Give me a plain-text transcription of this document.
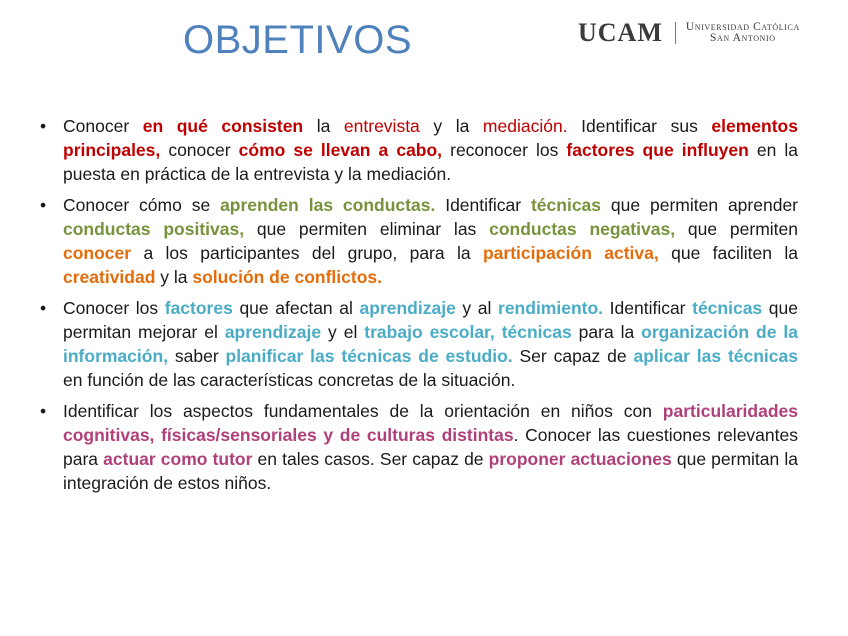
OBJETIVOS	UCAM Universidad Católica
San Antonio
• Conocer en qué consisten la entrevista y la mediación. Identificar sus elementos principales, conocer cómo se llevan a cabo, reconocer los factores que influyen en la puesta en práctica de la entrevista y la mediación.
• Conocer cómo se aprenden las conductas. Identificar técnicas que permiten aprender conductas positivas, que permiten eliminar las conductas negativas, que permiten conocer a los participantes del grupo, para la participación activa, que faciliten la creatividad y la solución de conflictos.
• Conocer los factores que afectan al aprendizaje y al rendimiento. Identificar técnicas que permitan mejorar el aprendizaje y el trabajo escolar, técnicas para la organización de la información, saber planificar las técnicas de estudio. Ser capaz de aplicar las técnicas en función de las características concretas de la situación.
• Identificar los aspectos fundamentales de la orientación en niños con particularidades cognitivas, físicas/sensoriales y de culturas distintas. Conocer las cuestiones relevantes para actuar como tutor en tales casos. Ser capaz de proponer actuaciones que permitan la integración de estos niños.
